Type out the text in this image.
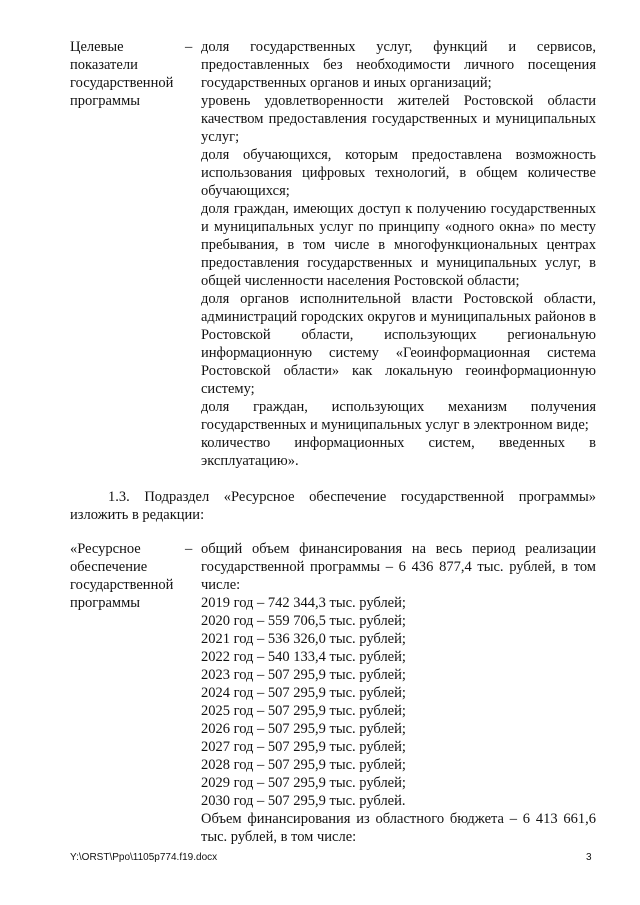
Целевые показатели государственной программы
– доля государственных услуг, функций и сервисов, предоставленных без необходимости личного посещения государственных органов и иных организаций;

уровень удовлетворенности жителей Ростовской области качеством предоставления государственных и муниципальных услуг;

доля обучающихся, которым предоставлена возможность использования цифровых технологий, в общем количестве обучающихся;

доля граждан, имеющих доступ к получению государственных и муниципальных услуг по принципу «одного окна» по месту пребывания, в том числе в многофункциональных центрах предоставления государственных и муниципальных услуг, в общей численности населения Ростовской области;

доля органов исполнительной власти Ростовской области, администраций городских округов и муниципальных районов в Ростовской области, использующих региональную информационную систему «Геоинформационная система Ростовской области» как локальную геоинформационную систему;

доля граждан, использующих механизм получения государственных и муниципальных услуг в электронном виде;

количество информационных систем, введенных в эксплуатацию».

1.3. Подраздел «Ресурсное обеспечение государственной программы» изложить в редакции:

«Ресурсное обеспечение государственной программы
– общий объем финансирования на весь период реализации государственной программы – 6 436 877,4 тыс. рублей, в том числе:

2019 год – 742 344,3 тыс. рублей;

2020 год – 559 706,5 тыс. рублей;

2021 год – 536 326,0 тыс. рублей;

2022 год – 540 133,4 тыс. рублей;

2023 год – 507 295,9 тыс. рублей;

2024 год – 507 295,9 тыс. рублей;

2025 год – 507 295,9 тыс. рублей;

2026 год – 507 295,9 тыс. рублей;

2027 год – 507 295,9 тыс. рублей;

2028 год – 507 295,9 тыс. рублей;

2029 год – 507 295,9 тыс. рублей;

2030 год – 507 295,9 тыс. рублей.

Объем финансирования из областного бюджета – 6 413 661,6 тыс. рублей, в том числе:

Y:\ORST\Ppo\1105p774.f19.docx	3
